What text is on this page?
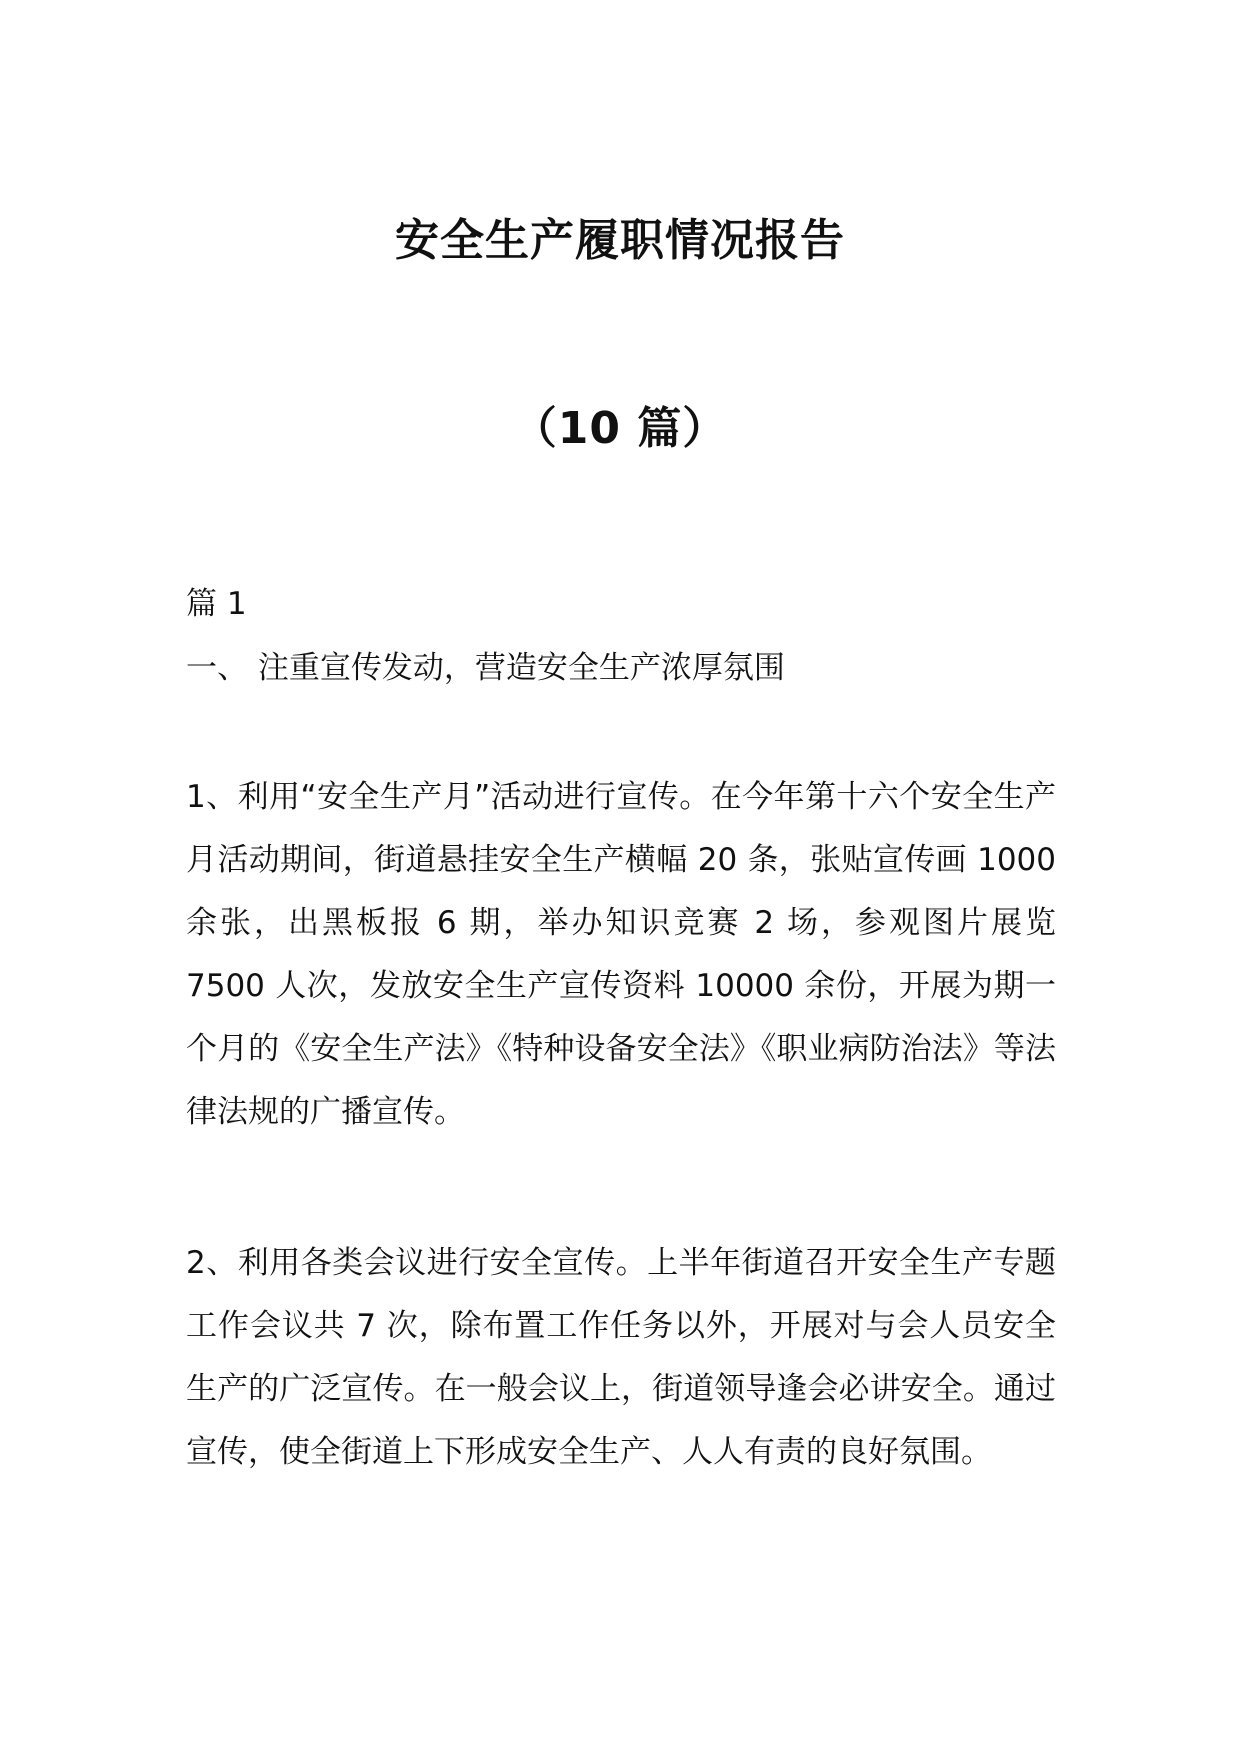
安全生产履职情况报告
（10 篇）
篇 1
一、 注重宣传发动，营造安全生产浓厚氛围
1、利用“安全生产月”活动进行宣传。在今年第十六个安全生产月活动期间，街道悬挂安全生产横幅 20 条，张贴宣传画 1000 余张，出黑板报 6 期，举办知识竞赛 2 场，参观图片展览 7500 人次，发放安全生产宣传资料 10000 余份，开展为期一个月的《安全生产法》《特种设备安全法》《职业病防治法》等法律法规的广播宣传。
2、利用各类会议进行安全宣传。上半年街道召开安全生产专题工作会议共 7 次，除布置工作任务以外，开展对与会人员安全生产的广泛宣传。在一般会议上，街道领导逢会必讲安全。通过宣传，使全街道上下形成安全生产、人人有责的良好氛围。
